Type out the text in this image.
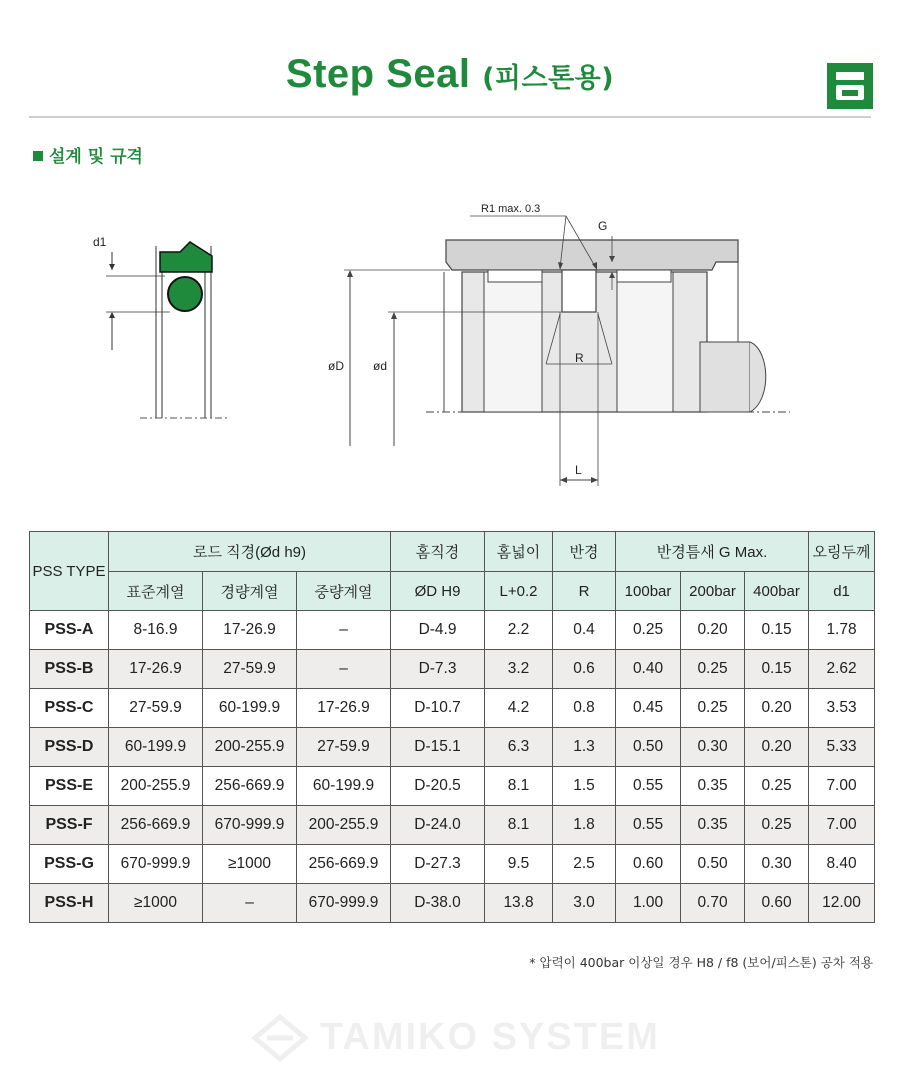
Step Seal (피스톤용)
설계 및 규격
d1
R1 max. 0.3
G
øD ød
R
L
PSS TYPE	로드 직경(Ød h9)			홈직경	홈넓이	반경	반경틈새 G Max.			오링두께
	표준계열	경량계열	중량계열	ØD H9	L+0.2	R	100bar	200bar	400bar	d1
PSS-A	8-16.9	17-26.9	–	D-4.9	2.2	0.4	0.25	0.20	0.15	1.78
PSS-B	17-26.9	27-59.9	–	D-7.3	3.2	0.6	0.40	0.25	0.15	2.62
PSS-C	27-59.9	60-199.9	17-26.9	D-10.7	4.2	0.8	0.45	0.25	0.20	3.53
PSS-D	60-199.9	200-255.9	27-59.9	D-15.1	6.3	1.3	0.50	0.30	0.20	5.33
PSS-E	200-255.9	256-669.9	60-199.9	D-20.5	8.1	1.5	0.55	0.35	0.25	7.00
PSS-F	256-669.9	670-999.9	200-255.9	D-24.0	8.1	1.8	0.55	0.35	0.25	7.00
PSS-G	670-999.9	≥1000	256-669.9	D-27.3	9.5	2.5	0.60	0.50	0.30	8.40
PSS-H	≥1000	–	670-999.9	D-38.0	13.8	3.0	1.00	0.70	0.60	12.00
* 압력이 400bar 이상일 경우 H8 / f8 (보어/피스톤) 공차 적용
TAMIKO SYSTEM
